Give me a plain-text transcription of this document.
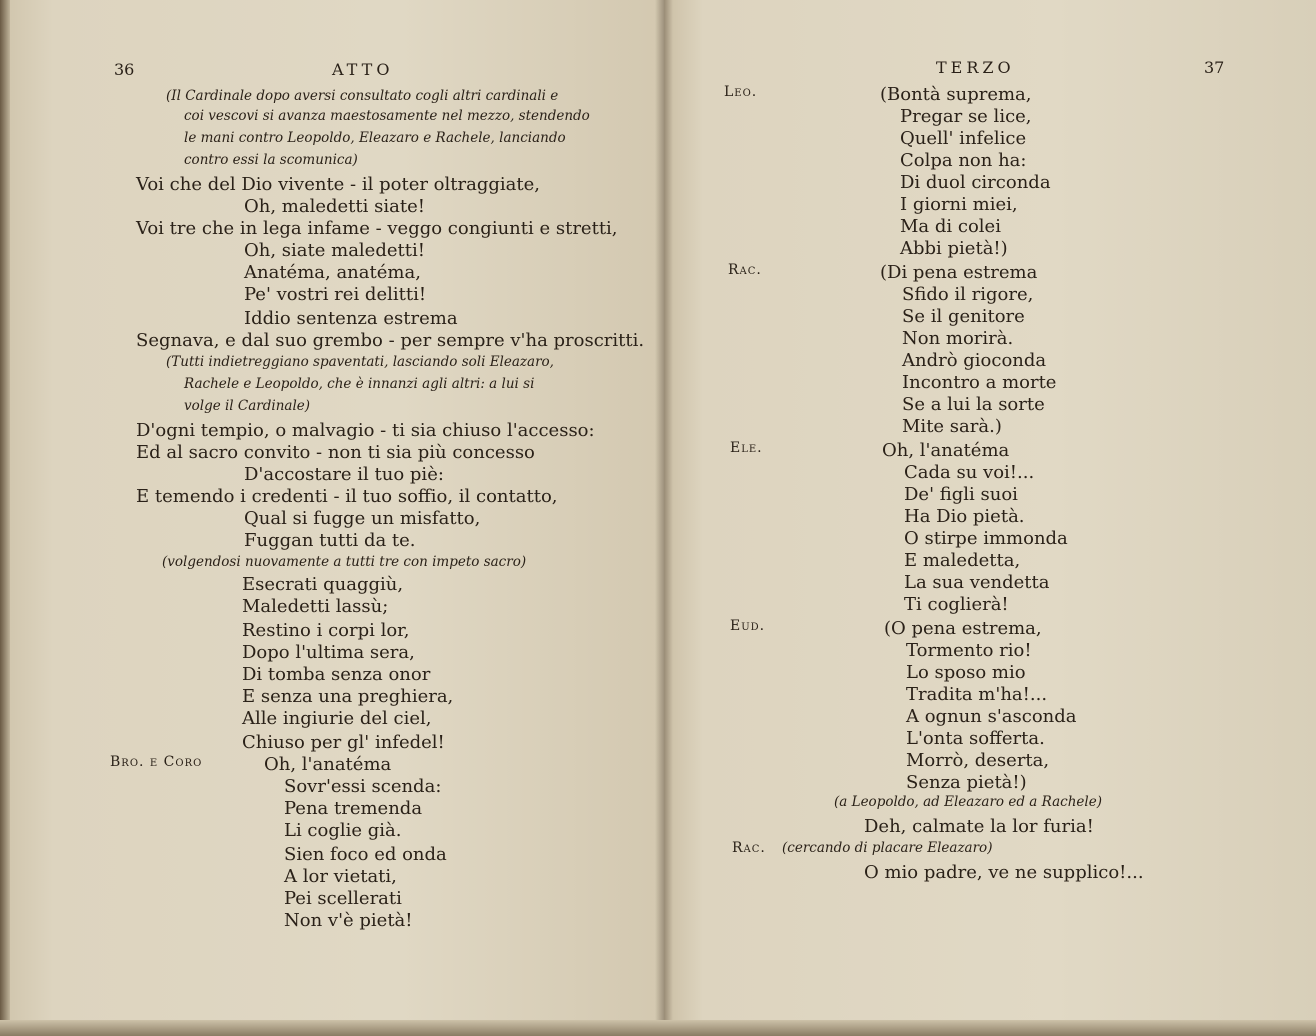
36	ATTO
(Il Cardinale dopo aversi consultato cogli altri cardinali e
coi vescovi si avanza maestosamente nel mezzo, stendendo
le mani contro Leopoldo, Eleazaro e Rachele, lanciando
contro essi la scomunica)
Voi che del Dio vivente - il poter oltraggiate,
Oh, maledetti siate!
Voi tre che in lega infame - veggo congiunti e stretti,
Oh, siate maledetti!
Anatéma, anatéma,
Pe' vostri rei delitti!
Iddio sentenza estrema
Segnava, e dal suo grembo - per sempre v'ha proscritti.
(Tutti indietreggiano spaventati, lasciando soli Eleazaro,
Rachele e Leopoldo, che è innanzi agli altri: a lui si
volge il Cardinale)
D'ogni tempio, o malvagio - ti sia chiuso l'accesso:
Ed al sacro convito - non ti sia più concesso
D'accostare il tuo piè:
E temendo i credenti - il tuo soffio, il contatto,
Qual si fugge un misfatto,
Fuggan tutti da te.
(volgendosi nuovamente a tutti tre con impeto sacro)
Esecrati quaggiù,
Maledetti lassù;
Restino i corpi lor,
Dopo l'ultima sera,
Di tomba senza onor
E senza una preghiera,
Alle ingiurie del ciel,
Chiuso per gl' infedel!
Bro. e Coro	Oh, l'anatéma
Sovr'essi scenda:
Pena tremenda
Li coglie già.
Sien foco ed onda
A lor vietati,
Pei scellerati
Non v'è pietà!
TERZO	37
Leo.	(Bontà suprema,
Pregar se lice,
Quell' infelice
Colpa non ha:
Di duol circonda
I giorni miei,
Ma di colei
Abbi pietà!)
Rac.	(Di pena estrema
Sfido il rigore,
Se il genitore
Non morirà.
Andrò gioconda
Incontro a morte
Se a lui la sorte
Mite sarà.)
Ele.	Oh, l'anatéma
Cada su voi!...
De' figli suoi
Ha Dio pietà.
O stirpe immonda
E maledetta,
La sua vendetta
Ti coglierà!
Eud.	(O pena estrema,
Tormento rio!
Lo sposo mio
Tradita m'ha!...
A ognun s'asconda
L'onta sofferta.
Morrò, deserta,
Senza pietà!)
(a Leopoldo, ad Eleazaro ed a Rachele)
Deh, calmate la lor furia!
Rac. (cercando di placare Eleazaro)
O mio padre, ve ne supplico!...
